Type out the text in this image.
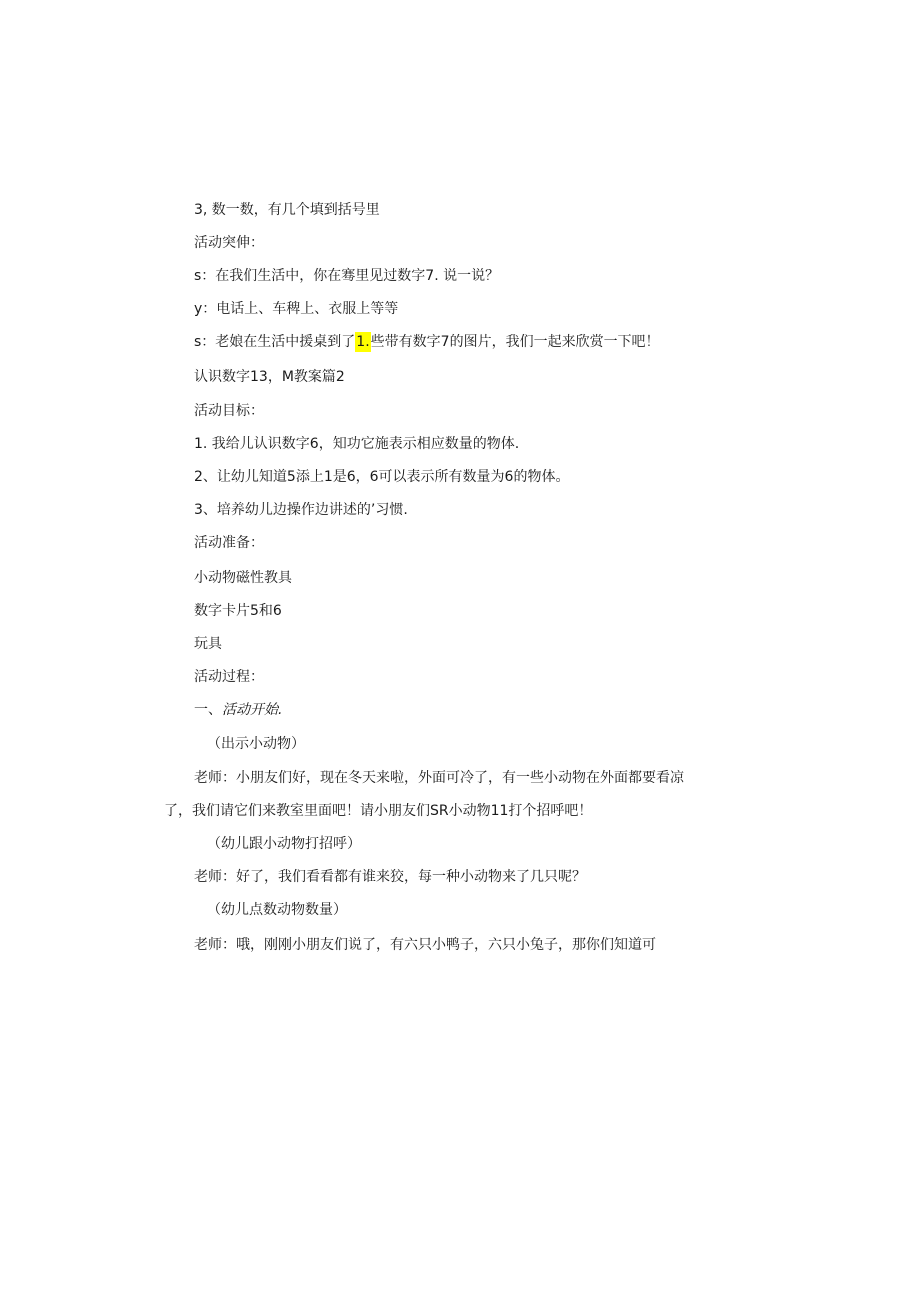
3, 数一数，有几个填到括号里
活动突伸：
s：在我们生活中，你在骞里见过数字7. 说一说？
y：电话上、车稗上、衣服上等等
s：老娘在生活中援桌到了1.些带有数字7的图片，我们一起来欣赏一下吧！
认识数字13，M教案篇2
活动目标：
1. 我给儿认识数字6，知功它施表示相应数量的物体.
2、让幼儿知道5添上1是6，6可以表示所有数量为6的物体。
3、培养幼儿边操作边讲述的’习惯.
活动准备：
小动物磁性教具
数字卡片5和6
玩具
活动过程：
一、活动开始.
（出示小动物）
老师：小朋友们好，现在冬天来啦，外面可冷了，有一些小动物在外面都要看凉
了，我们请它们来教室里面吧！请小朋友们SR小动物11打个招呼吧！
（幼儿跟小动物打招呼）
老师：好了，我们看看都有谁来狡，每一种小动物来了几只呢？
（幼儿点数动物数量）
老师：哦，刚刚小朋友们说了，有六只小鸭子，六只小兔子，那你们知道可
